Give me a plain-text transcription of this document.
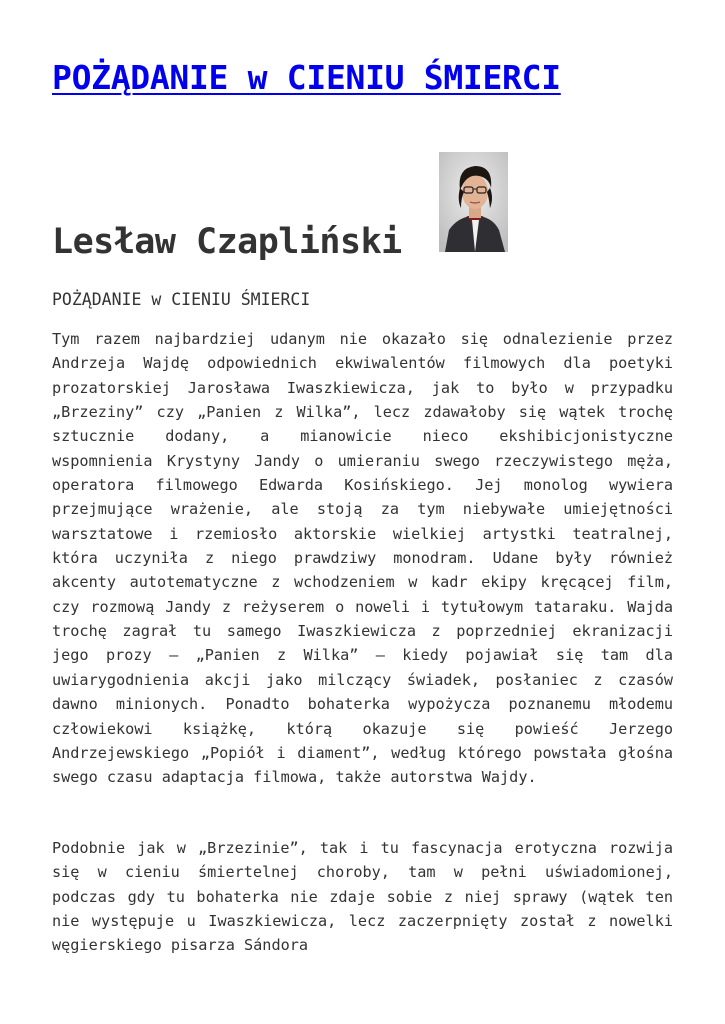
POŻĄDANIE w CIENIU ŚMIERCI
Lesław Czapliński
POŻĄDANIE w CIENIU ŚMIERCI

Tym razem najbardziej udanym nie okazało się odnalezienie przez Andrzeja Wajdę odpowiednich ekwiwalentów filmowych dla poetyki prozatorskiej Jarosława Iwaszkiewicza, jak to było w przypadku „Brzeziny” czy „Panien z Wilka”, lecz zdawałoby się wątek trochę sztucznie dodany, a mianowicie nieco ekshibicjonistyczne wspomnienia Krystyny Jandy o umieraniu swego rzeczywistego męża, operatora filmowego Edwarda Kosińskiego. Jej monolog wywiera przejmujące wrażenie, ale stoją za tym niebywałe umiejętności warsztatowe i rzemiosło aktorskie wielkiej artystki teatralnej, która uczyniła z niego prawdziwy monodram. Udane były również akcenty autotematyczne z wchodzeniem w kadr ekipy kręcącej film, czy rozmową Jandy z reżyserem o noweli i tytułowym tataraku. Wajda trochę zagrał tu samego Iwaszkiewicza z poprzedniej ekranizacji jego prozy – „Panien z Wilka” – kiedy pojawiał się tam dla uwiarygodnienia akcji jako milczący świadek, posłaniec z czasów dawno minionych. Ponadto bohaterka wypożycza poznanemu młodemu człowiekowi książkę, którą okazuje się powieść Jerzego Andrzejewskiego „Popiół i diament”, według którego powstała głośna swego czasu adaptacja filmowa, także autorstwa Wajdy.

Podobnie jak w „Brzezinie”, tak i tu fascynacja erotyczna rozwija się w cieniu śmiertelnej choroby, tam w pełni uświadomionej, podczas gdy tu bohaterka nie zdaje sobie z niej sprawy (wątek ten nie występuje u Iwaszkiewicza, lecz zaczerpnięty został z nowelki węgierskiego pisarza Sándora
